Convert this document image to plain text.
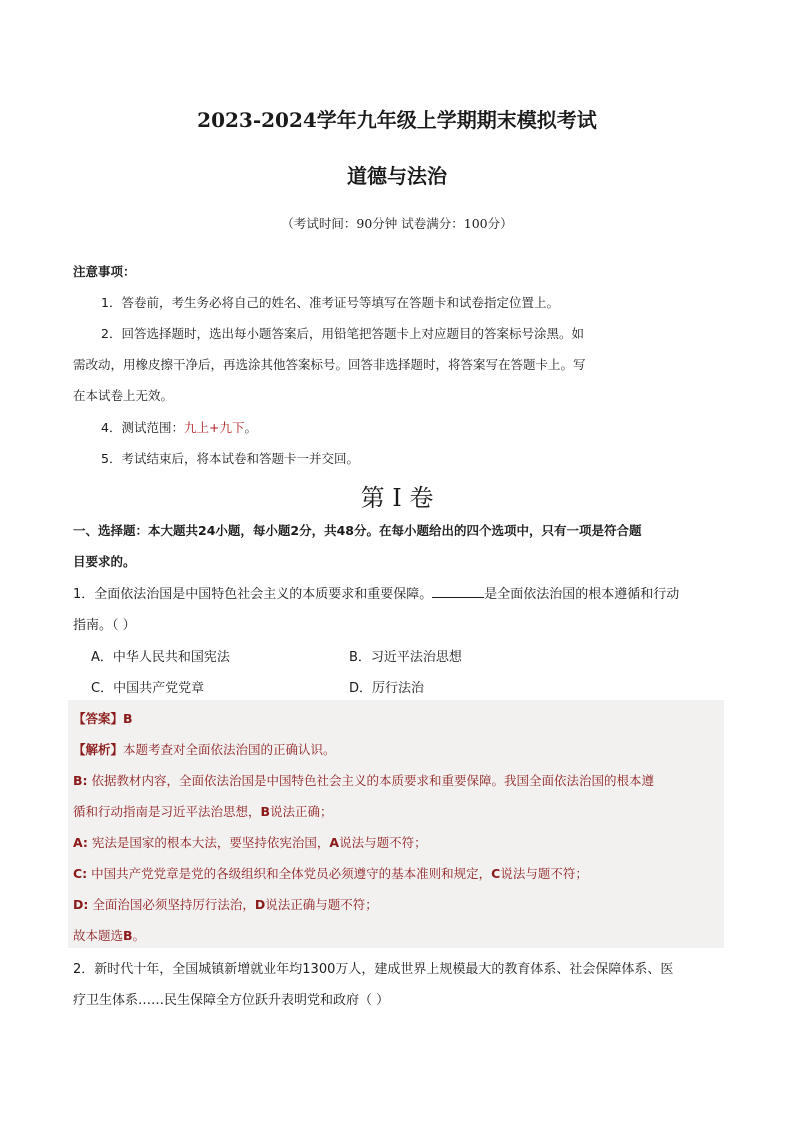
2023-2024学年九年级上学期期末模拟考试
道德与法治
（考试时间：90分钟 试卷满分：100分）
注意事项：
1．答卷前，考生务必将自己的姓名、准考证号等填写在答题卡和试卷指定位置上。
2．回答选择题时，选出每小题答案后，用铅笔把答题卡上对应题目的答案标号涂黑。如
需改动，用橡皮擦干净后，再选涂其他答案标号。回答非选择题时，将答案写在答题卡上。写
在本试卷上无效。
4．测试范围：九上+九下。
5．考试结束后，将本试卷和答题卡一并交回。
第 I 卷
一、选择题：本大题共24小题，每小题2分，共48分。在每小题给出的四个选项中，只有一项是符合题
目要求的。
1．全面依法治国是中国特色社会主义的本质要求和重要保障。	是全面依法治国的根本遵循和行动
指南。（ ）
A．中华人民共和国宪法	B．习近平法治思想
C．中国共产党党章	D．厉行法治
【答案】B
【解析】本题考查对全面依法治国的正确认识。
B: 依据教材内容，全面依法治国是中国特色社会主义的本质要求和重要保障。我国全面依法治国的根本遵
循和行动指南是习近平法治思想，B说法正确；
A: 宪法是国家的根本大法，要坚持依宪治国，A说法与题不符；
C: 中国共产党党章是党的各级组织和全体党员必须遵守的基本准则和规定，C说法与题不符；
D: 全面治国必须坚持厉行法治，D说法正确与题不符；
故本题选B。
2．新时代十年，全国城镇新增就业年均1300万人，建成世界上规模最大的教育体系、社会保障体系、医
疗卫生体系……民生保障全方位跃升表明党和政府（ ）
